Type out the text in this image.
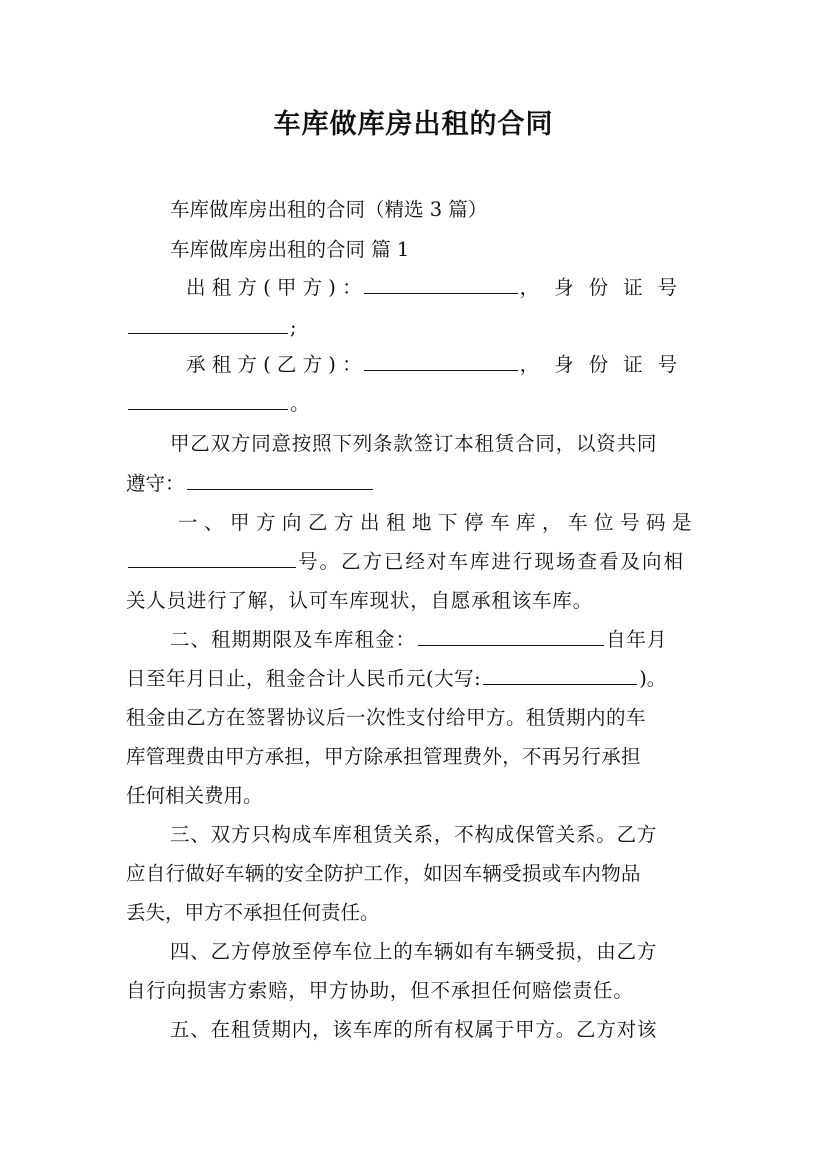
车库做库房出租的合同
车库做库房出租的合同（精选 3 篇）
车库做库房出租的合同 篇 1
出 租 方 ( 甲 方 ) ：	，身份证号
;
承 租 方 ( 乙 方 ) ：	，身份证号
。
甲乙双方同意按照下列条款签订本租赁合同，以资共同
遵守：
一、甲方向乙方出租地下停车库，车位号码是
号。乙方已经对车库进行现场查看及向相
关人员进行了解，认可车库现状，自愿承租该车库。
二、租期期限及车库租金：	自年月
日至年月日止，租金合计人民币元(大写:	)。
租金由乙方在签署协议后一次性支付给甲方。租赁期内的车
库管理费由甲方承担，甲方除承担管理费外，不再另行承担
任何相关费用。
三、双方只构成车库租赁关系，不构成保管关系。乙方
应自行做好车辆的安全防护工作，如因车辆受损或车内物品
丢失，甲方不承担任何责任。
四、乙方停放至停车位上的车辆如有车辆受损，由乙方
自行向损害方索赔，甲方协助，但不承担任何赔偿责任。
五、在租赁期内，该车库的所有权属于甲方。乙方对该
